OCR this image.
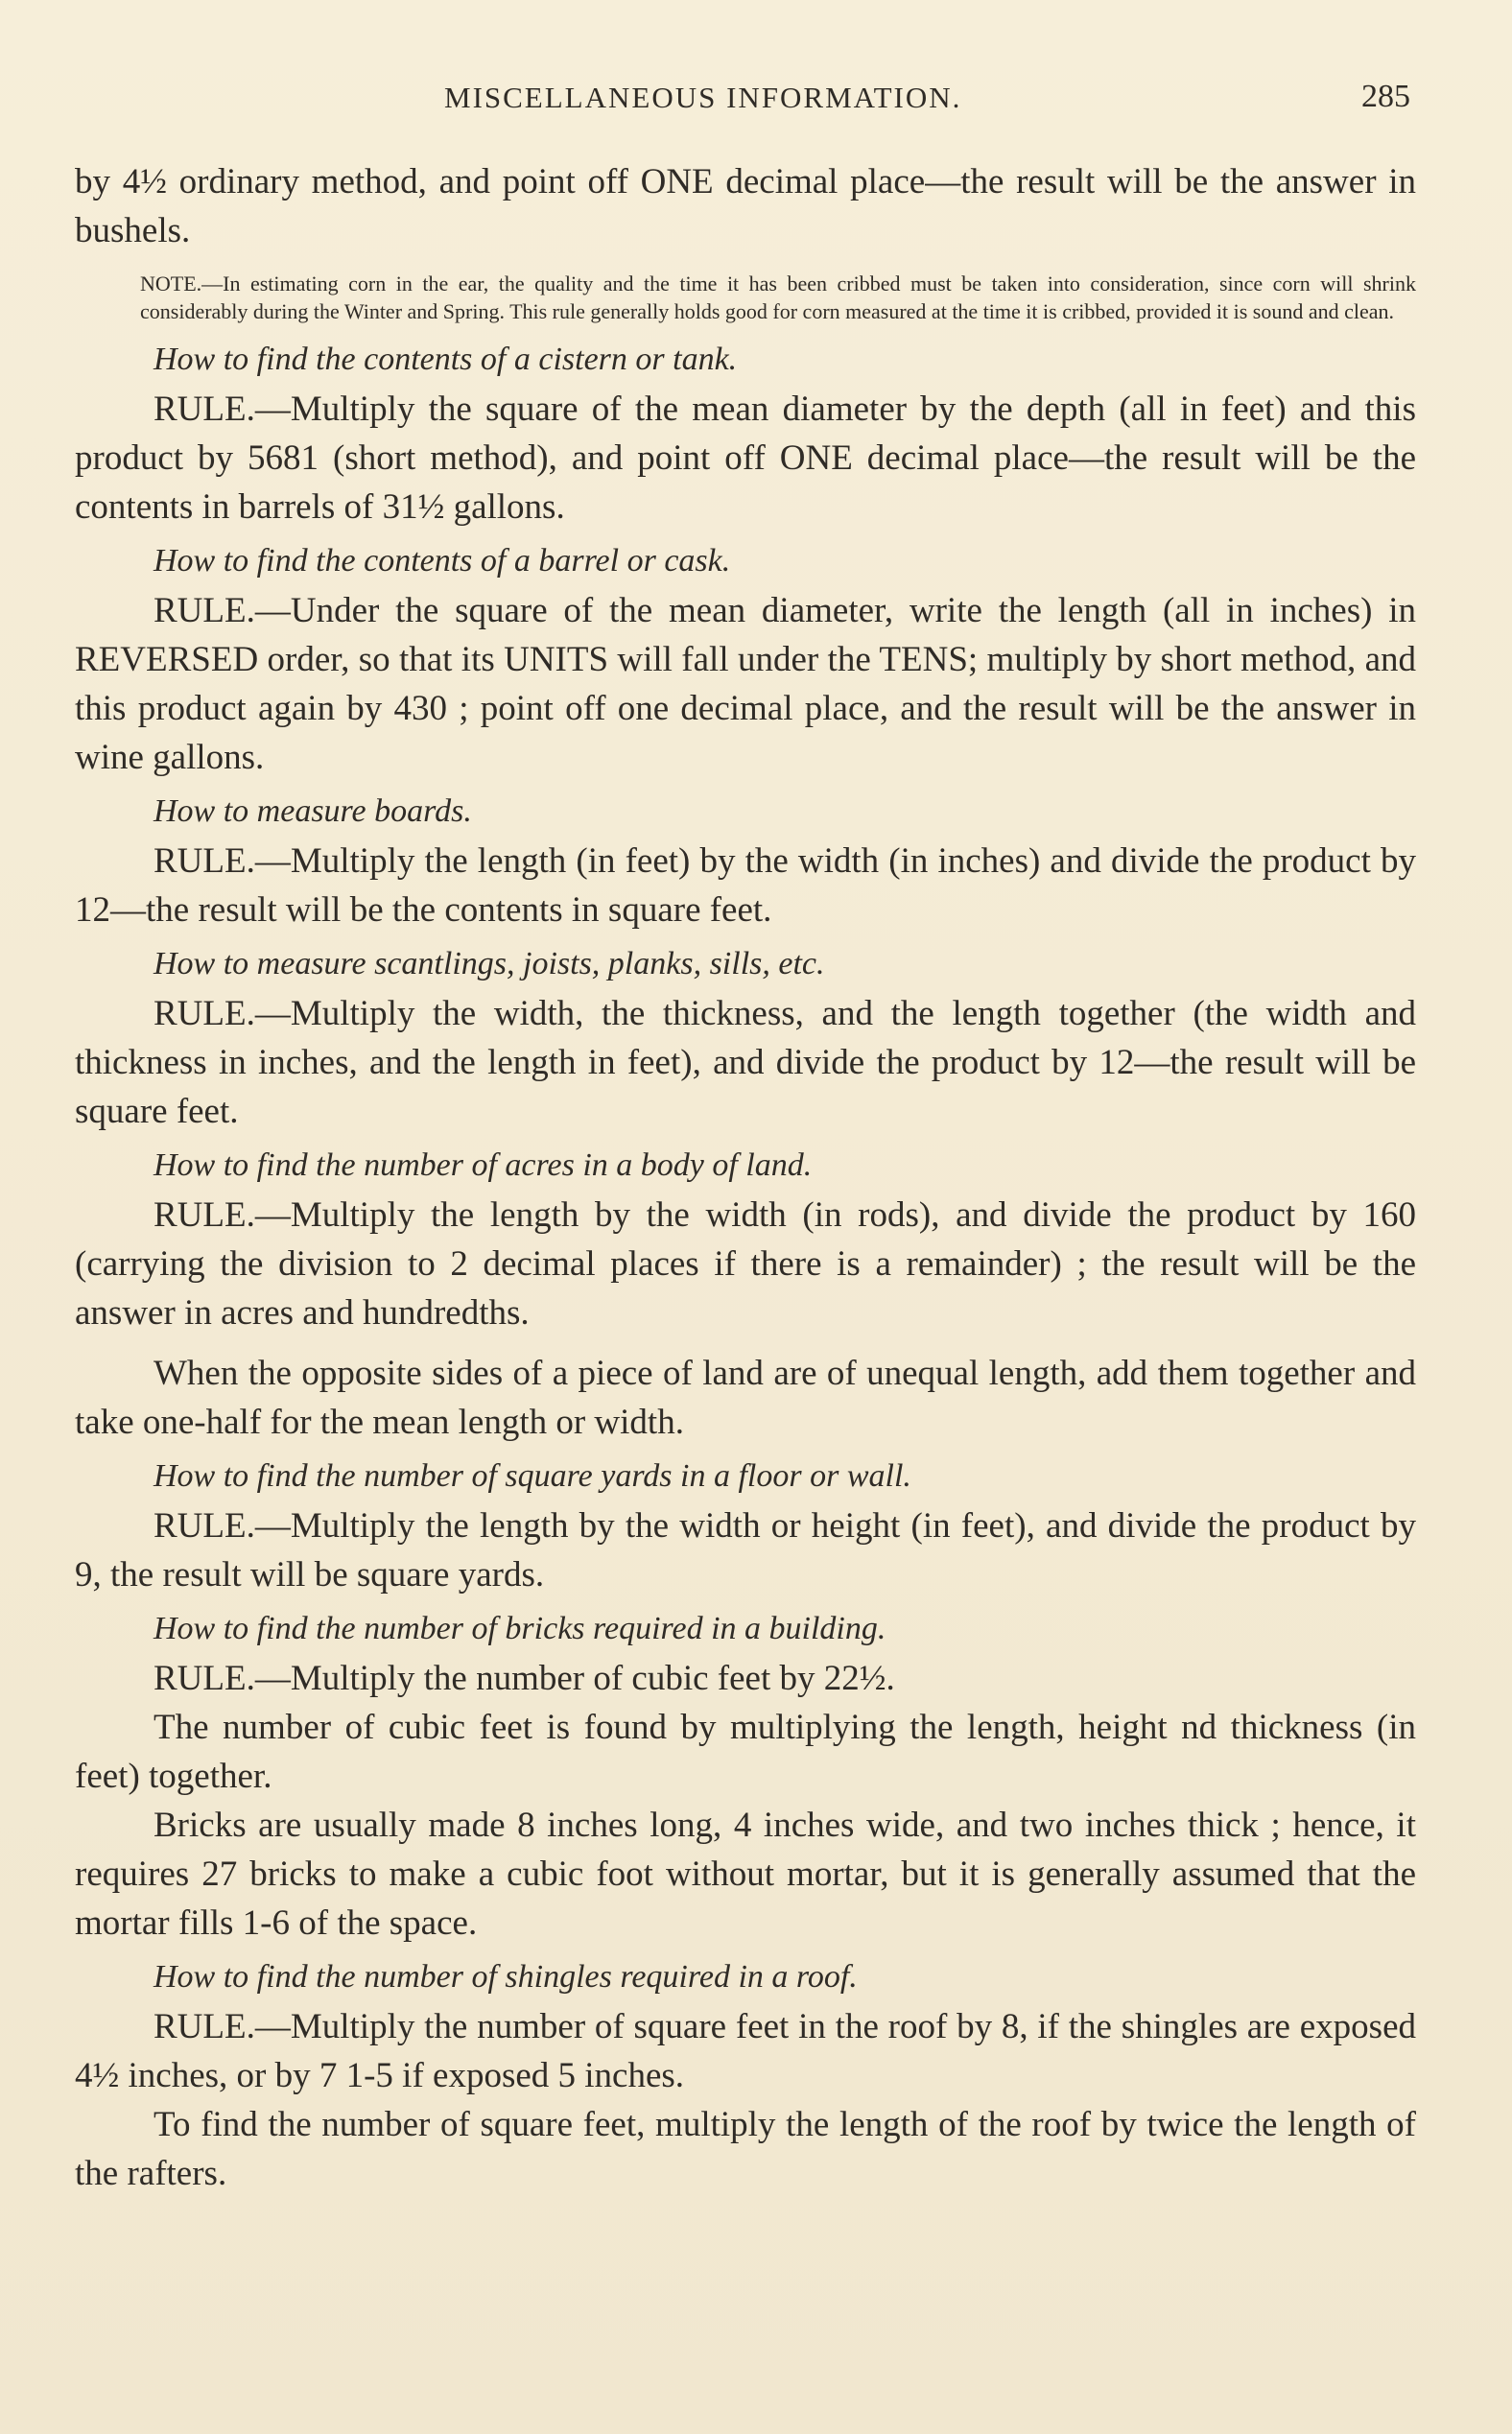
MISCELLANEOUS INFORMATION.	285

by 4½ ordinary method, and point off ONE decimal place—the result will be the answer in bushels.

NOTE.—In estimating corn in the ear, the quality and the time it has been cribbed must be taken into consideration, since corn will shrink considerably during the Winter and Spring. This rule generally holds good for corn measured at the time it is cribbed, provided it is sound and clean.

How to find the contents of a cistern or tank.

RULE.—Multiply the square of the mean diameter by the depth (all in feet) and this product by 5681 (short method), and point off ONE decimal place—the result will be the contents in barrels of 31½ gallons.

How to find the contents of a barrel or cask.

RULE.—Under the square of the mean diameter, write the length (all in inches) in REVERSED order, so that its UNITS will fall under the TENS; multiply by short method, and this product again by 430 ; point off one decimal place, and the result will be the answer in wine gallons.

How to measure boards.

RULE.—Multiply the length (in feet) by the width (in inches) and divide the product by 12—the result will be the contents in square feet.

How to measure scantlings, joists, planks, sills, etc.

RULE.—Multiply the width, the thickness, and the length together (the width and thickness in inches, and the length in feet), and divide the product by 12—the result will be square feet.

How to find the number of acres in a body of land.

RULE.—Multiply the length by the width (in rods), and divide the product by 160 (carrying the division to 2 decimal places if there is a remainder) ; the result will be the answer in acres and hundredths.

When the opposite sides of a piece of land are of unequal length, add them together and take one-half for the mean length or width.

How to find the number of square yards in a floor or wall.

RULE.—Multiply the length by the width or height (in feet), and divide the product by 9, the result will be square yards.

How to find the number of bricks required in a building.

RULE.—Multiply the number of cubic feet by 22½.

The number of cubic feet is found by multiplying the length, height nd thickness (in feet) together.

Bricks are usually made 8 inches long, 4 inches wide, and two inches thick ; hence, it requires 27 bricks to make a cubic foot without mortar, but it is generally assumed that the mortar fills 1-6 of the space.

How to find the number of shingles required in a roof.

RULE.—Multiply the number of square feet in the roof by 8, if the shingles are exposed 4½ inches, or by 7 1-5 if exposed 5 inches.

To find the number of square feet, multiply the length of the roof by twice the length of the rafters.
